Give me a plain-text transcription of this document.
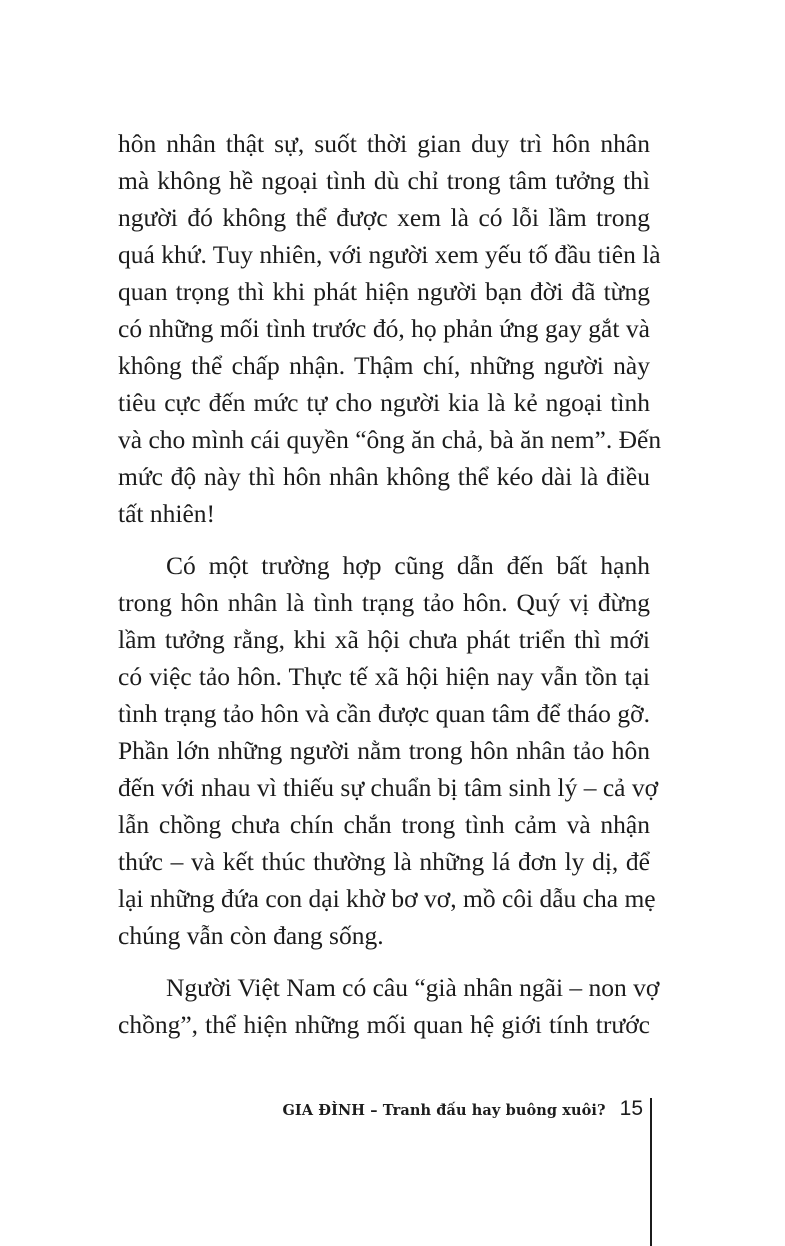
hôn nhân thật sự, suốt thời gian duy trì hôn nhân
mà không hề ngoại tình dù chỉ trong tâm tưởng thì
người đó không thể được xem là có lỗi lầm trong
quá khứ. Tuy nhiên, với người xem yếu tố đầu tiên là
quan trọng thì khi phát hiện người bạn đời đã từng
có những mối tình trước đó, họ phản ứng gay gắt và
không thể chấp nhận. Thậm chí, những người này
tiêu cực đến mức tự cho người kia là kẻ ngoại tình
và cho mình cái quyền “ông ăn chả, bà ăn nem”. Đến
mức độ này thì hôn nhân không thể kéo dài là điều
tất nhiên!
Có một trường hợp cũng dẫn đến bất hạnh
trong hôn nhân là tình trạng tảo hôn. Quý vị đừng
lầm tưởng rằng, khi xã hội chưa phát triển thì mới
có việc tảo hôn. Thực tế xã hội hiện nay vẫn tồn tại
tình trạng tảo hôn và cần được quan tâm để tháo gỡ.
Phần lớn những người nằm trong hôn nhân tảo hôn
đến với nhau vì thiếu sự chuẩn bị tâm sinh lý – cả vợ
lẫn chồng chưa chín chắn trong tình cảm và nhận
thức – và kết thúc thường là những lá đơn ly dị, để
lại những đứa con dại khờ bơ vơ, mồ côi dẫu cha mẹ
chúng vẫn còn đang sống.
Người Việt Nam có câu “già nhân ngãi – non vợ
chồng”, thể hiện những mối quan hệ giới tính trước
GIA ĐÌNH – Tranh đấu hay buông xuôi? 15
